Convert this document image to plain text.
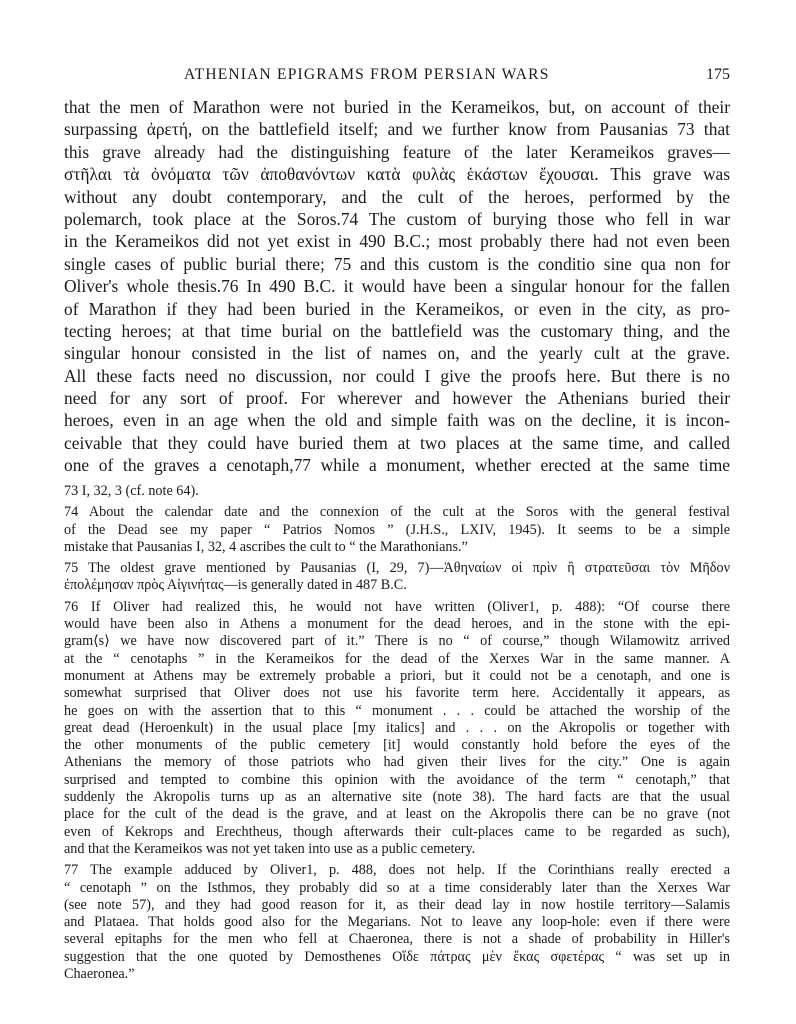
ATHENIAN EPIGRAMS FROM PERSIAN WARS	175
that the men of Marathon were not buried in the Kerameikos, but, on account of their
surpassing ἀρετή, on the battlefield itself; and we further know from Pausanias 73 that
this grave already had the distinguishing feature of the later Kerameikos graves—
στῆλαι τὰ ὀνόματα τῶν ἀποθανόντων κατὰ φυλὰς ἑκάστων ἔχουσαι. This grave was
without any doubt contemporary, and the cult of the heroes, performed by the
polemarch, took place at the Soros.74 The custom of burying those who fell in war
in the Kerameikos did not yet exist in 490 B.C.; most probably there had not even been
single cases of public burial there; 75 and this custom is the conditio sine qua non for
Oliver's whole thesis.76 In 490 B.C. it would have been a singular honour for the fallen
of Marathon if they had been buried in the Kerameikos, or even in the city, as pro-
tecting heroes; at that time burial on the battlefield was the customary thing, and the
singular honour consisted in the list of names on, and the yearly cult at the grave.
All these facts need no discussion, nor could I give the proofs here. But there is no
need for any sort of proof. For wherever and however the Athenians buried their
heroes, even in an age when the old and simple faith was on the decline, it is incon-
ceivable that they could have buried them at two places at the same time, and called
one of the graves a cenotaph,77 while a monument, whether erected at the same time
73 I, 32, 3 (cf. note 64).
74 About the calendar date and the connexion of the cult at the Soros with the general festival
of the Dead see my paper “ Patrios Nomos ” (J.H.S., LXIV, 1945). It seems to be a simple
mistake that Pausanias I, 32, 4 ascribes the cult to “ the Marathonians.”
75 The oldest grave mentioned by Pausanias (I, 29, 7)—Ἀθηναίων οἱ πρὶν ἢ στρατεῦσαι τὸν Μῆδον
ἐπολέμησαν πρὸς Αἰγινήτας—is generally dated in 487 B.C.
76 If Oliver had realized this, he would not have written (Oliver1, p. 488): “Of course there
would have been also in Athens a monument for the dead heroes, and in the stone with the epi-
gram⟨s⟩ we have now discovered part of it.” There is no “ of course,” though Wilamowitz arrived
at the “ cenotaphs ” in the Kerameikos for the dead of the Xerxes War in the same manner. A
monument at Athens may be extremely probable a priori, but it could not be a cenotaph, and one is
somewhat surprised that Oliver does not use his favorite term here. Accidentally it appears, as
he goes on with the assertion that to this “ monument . . . could be attached the worship of the
great dead (Heroenkult) in the usual place [my italics] and . . . on the Akropolis or together with
the other monuments of the public cemetery [it] would constantly hold before the eyes of the
Athenians the memory of those patriots who had given their lives for the city.” One is again
surprised and tempted to combine this opinion with the avoidance of the term “ cenotaph,” that
suddenly the Akropolis turns up as an alternative site (note 38). The hard facts are that the usual
place for the cult of the dead is the grave, and at least on the Akropolis there can be no grave (not
even of Kekrops and Erechtheus, though afterwards their cult-places came to be regarded as such),
and that the Kerameikos was not yet taken into use as a public cemetery.
77 The example adduced by Oliver1, p. 488, does not help. If the Corinthians really erected a
“ cenotaph ” on the Isthmos, they probably did so at a time considerably later than the Xerxes War
(see note 57), and they had good reason for it, as their dead lay in now hostile territory—Salamis
and Plataea. That holds good also for the Megarians. Not to leave any loop-hole: even if there were
several epitaphs for the men who fell at Chaeronea, there is not a shade of probability in Hiller's
suggestion that the one quoted by Demosthenes Οἵδε πάτρας μὲν ἕκας σφετέρας “ was set up in
Chaeronea.”
